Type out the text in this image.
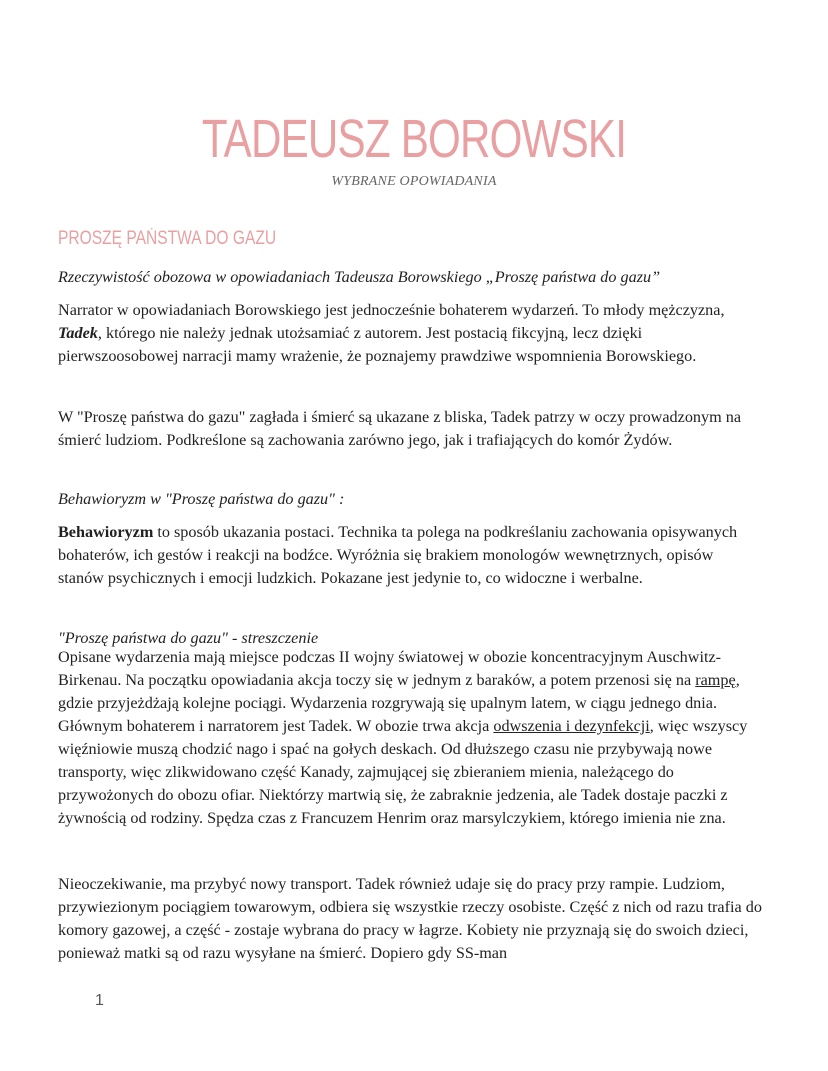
TADEUSZ BOROWSKI
WYBRANE OPOWIADANIA
PROSZĘ PAŃSTWA DO GAZU
Rzeczywistość obozowa w opowiadaniach Tadeusza Borowskiego „Proszę państwa do gazu”
Narrator w opowiadaniach Borowskiego jest jednocześnie bohaterem wydarzeń. To młody mężczyzna, Tadek, którego nie należy jednak utożsamiać z autorem. Jest postacią fikcyjną, lecz dzięki pierwszoosobowej narracji mamy wrażenie, że poznajemy prawdziwe wspomnienia Borowskiego.
W "Proszę państwa do gazu" zagłada i śmierć są ukazane z bliska, Tadek patrzy w oczy prowadzonym na śmierć ludziom. Podkreślone są zachowania zarówno jego, jak i trafiających do komór Żydów.
Behawioryzm w "Proszę państwa do gazu" :
Behawioryzm to sposób ukazania postaci. Technika ta polega na podkreślaniu zachowania opisywanych bohaterów, ich gestów i reakcji na bodźce. Wyróżnia się brakiem monologów wewnętrznych, opisów stanów psychicznych i emocji ludzkich. Pokazane jest jedynie to, co widoczne i werbalne.
"Proszę państwa do gazu" - streszczenie
Opisane wydarzenia mają miejsce podczas II wojny światowej w obozie koncentracyjnym Auschwitz-Birkenau. Na początku opowiadania akcja toczy się w jednym z baraków, a potem przenosi się na rampę, gdzie przyjeżdżają kolejne pociągi. Wydarzenia rozgrywają się upalnym latem, w ciągu jednego dnia. Głównym bohaterem i narratorem jest Tadek. W obozie trwa akcja odwszenia i dezynfekcji, więc wszyscy więźniowie muszą chodzić nago i spać na gołych deskach. Od dłuższego czasu nie przybywają nowe transporty, więc zlikwidowano część Kanady, zajmującej się zbieraniem mienia, należącego do przywożonych do obozu ofiar. Niektórzy martwią się, że zabraknie jedzenia, ale Tadek dostaje paczki z żywnością od rodziny. Spędza czas z Francuzem Henrim oraz marsylczykiem, którego imienia nie zna.
Nieoczekiwanie, ma przybyć nowy transport. Tadek również udaje się do pracy przy rampie. Ludziom, przywiezionym pociągiem towarowym, odbiera się wszystkie rzeczy osobiste. Część z nich od razu trafia do komory gazowej, a część - zostaje wybrana do pracy w łagrze. Kobiety nie przyznają się do swoich dzieci, ponieważ matki są od razu wysyłane na śmierć. Dopiero gdy SS-man
1
